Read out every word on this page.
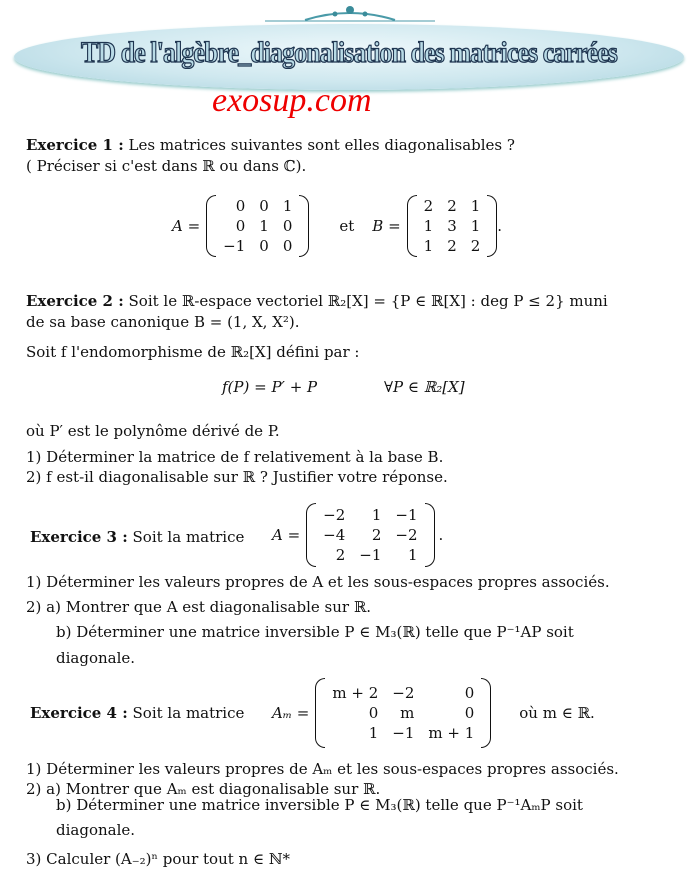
TD de l'algèbre_diagonalisation des matrices carrées
exosup.com
Exercice 1 : Les matrices suivantes sont elles diagonalisables ?
( Préciser si c'est dans ℝ ou dans ℂ).
A =
0	0	1
0	1	0
−1	0	0
et B =
2	2	1
1	3	1
1	2	2
.
Exercice 2 : Soit le ℝ-espace vectoriel ℝ₂[X] = {P ∈ ℝ[X] : deg P ≤ 2} muni
de sa base canonique B = (1, X, X²).
Soit f l'endomorphisme de ℝ₂[X] défini par :
f(P) = P′ + P	∀P ∈ ℝ₂[X]
où P′ est le polynôme dérivé de P.
1) Déterminer la matrice de f relativement à la base B.
2) f est-il diagonalisable sur ℝ ? Justifier votre réponse.
Exercice 3 : Soit la matrice A =
−2	1	−1
−4	2	−2
2	−1	1
.
1) Déterminer les valeurs propres de A et les sous-espaces propres associés.
2) a) Montrer que A est diagonalisable sur ℝ.
b) Déterminer une matrice inversible P ∈ M₃(ℝ) telle que P⁻¹AP soit
diagonale.
Exercice 4 : Soit la matrice Aₘ =
m + 2	−2	0
0	m	0
1	−1	m + 1
où m ∈ ℝ.
1) Déterminer les valeurs propres de Aₘ et les sous-espaces propres associés.
2) a) Montrer que Aₘ est diagonalisable sur ℝ.
b) Déterminer une matrice inversible P ∈ M₃(ℝ) telle que P⁻¹AₘP soit
diagonale.
3) Calculer (A₋₂)ⁿ pour tout n ∈ ℕ*
